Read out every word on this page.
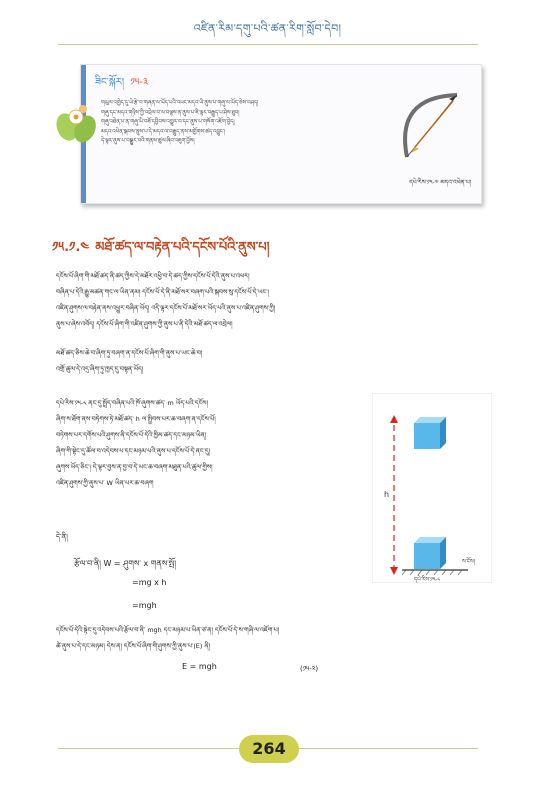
འཛིན་རིམ་དགུ་པའི་ཚན་རིག་སློབ་དེབ།
ཟིང་སྐོར། ༡༥-༣
གཡུལ་འགྱེད་དུ་ཡེ་རྩེ་བ་གཞན་ལ་ཡོད་པའི་འཕང་མདའ་ཡི་ནུས་པ་གཞུ་ལ་ཡོད་ཅེས་བཤད།
གཞུ་དང་མདའ་གཉིས་ཀྱི་འབྲེལ་བ་ལ་བལྟས་ན་ནུས་པ་ཇི་ལྟར་བརྒྱུད་པ་ཤེས་ཐུབ།
གཞུ་འཐེན་པ་ན་གཞུ་ཡི་བཟོ་དབྱིབས་འགྱུར་བ་དང་ནུས་པ་གསོག་འཇོག་བྱེད།
མདའ་འཕེན་སྐབས་ནུས་པ་དེ་མདའ་ལ་བརྒྱུད་ནས་མགྱོགས་ཚད་འབྱུང་།
དེ་ལྟར་ནུས་པ་བསྒྱུར་བའི་གནས་ཚུལ་ཞིབ་འཇུག་བྱོས།
དཔེ་རིས་༡༥-༧ མདའ་འཕེན་པ།
༡༥.༡.༤ མཐོ་ཚད་ལ་བརྟེན་པའི་དངོས་པོའི་ནུས་པ།
དངོས་པོ་ཞིག་གི་མཐོ་ཚད་ནི་ཚད་ཀྱིས་དེ་མཐོར་འཕྱི་བ་དེ་ཚད་ཀྱིས་དངོས་པོ་དེའི་ནུས་པ་འཕར།
བཞིན་པ་དེའི་རྒྱུ་མཚན་གང་ལ་ཡིན་ནམ། དངོས་པོ་དེ་ནི་མཐོ་སར་བཞག་པའི་སྐབས་སུ་དངོས་པོ་དེ་ཡང་།
འཛིན་ཤུགས་ལ་བརྟེན་ནས་འཕྱུར་བཞིན་ཡོད། འདི་ལྟར་དངོས་པོ་མཐོ་སར་ཡོད་པའི་ནུས་པ་འཛིན་ཤུགས་ཀྱི།
ནུས་པ་ཞེས་འབོད། དངོས་པོ་ཞིག་གི་འཛིན་ཤུགས་ཀྱི་ནུས་པ་ནི་དེའི་མཐོ་ཚད་ལ་འབྲེལ།
མཐོ་ཚད་ཅིས་ཆེ་བ་ཞིག་ཏུ་བཞག་ན་དངོས་པོ་ཞིག་གི་ནུས་པ་ཡང་ཆེ་བ།
འགྲོ་ཚུལ་དེ་འདྲ་ཞིག་ཏུ་ཁྱད་དུ་བསྟན་ཡོད།
དཔེ་རིས་༡༥-༨ ནང་དུ་སྤྲོད་བཞིན་པའི་ཁོ་ཞུགས་ཚད་ m ཡོད་པའི་དངོས།
ཞིག་ས་ཐོག་ནས་བཏེགས་ཏེ་མཐོ་ཚད་ h ལ་སྤྱིབས་པར་ཆ་བཞག་ན་དངོས་པོ།
བཏེགས་པར་དགོས་པའི་ཤུགས་ནི་དངོས་པོ་དེའི་ཁྱིམ་ཚད་དང་མཉམ་ཡིན།
ཞིག་གི་སྟེང་དུ་ཚོལ་བ་འདེབས་པ་དང་མཉམ་པའི་ནུས་པ་དངོས་པོ་དེ་ནང་དུ།
ཞུགས་ཡོད་ཅིང་། དེ་ལྟར་བྱས་ན་བྱ་བ་དེ་ཡང་ཆ་བཞག་མཐུན་པའི་ཚུལ་གྱིས།
འཛིན་ཤུགས་ཀྱི་ནུས་པ་ W ཡིན་པར་ཆ་བཞག
དེ་ནི།
རྩོལ་བ་ནི། W = ཤུགས་ x གནས་སྤོ།
=mg x h
=mgh
དངོས་པོ་དེའི་སྟེང་དུ་འདེབས་པའི་རྩོལ་བ་ནི་ mgh དང་མཉམ་པ་ཡིན་ཙ་ན། དངོས་པོ་དེ་ས་གཞི་ལ་འཇོག་པ།
ཚེ་ནུས་པ་དེ་དང་མཉམ། དེས་ན། དངོས་པོ་ཞིག་གི་ཤུགས་ཀྱི་ནུས་པ་(E) ནི།
E = mgh	(༡༥-༢)
h
ས་ངོས།
དཔེ་རིས་༡༥-༨
264
